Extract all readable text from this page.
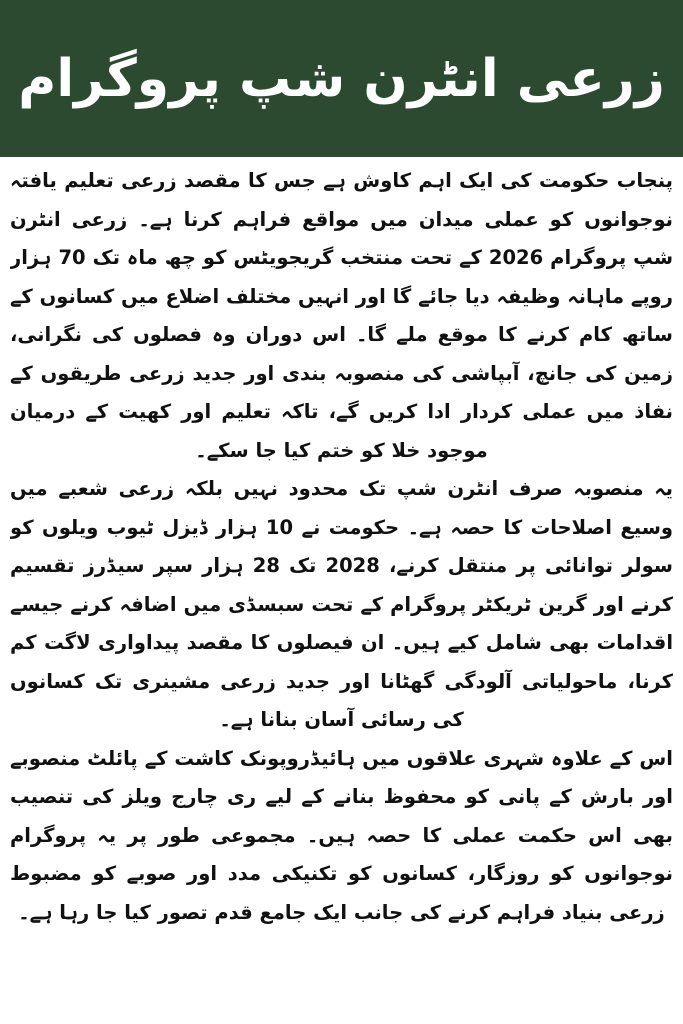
زرعی انٹرن شپ پروگرام

پنجاب حکومت کی ایک اہم کاوش ہے جس کا مقصد زرعی تعلیم یافتہ نوجوانوں کو عملی میدان میں مواقع فراہم کرنا ہے۔ زرعی انٹرن شپ پروگرام 2026 کے تحت منتخب گریجویٹس کو چھ ماہ تک 70 ہزار روپے ماہانہ وظیفہ دیا جائے گا اور انہیں مختلف اضلاع میں کسانوں کے ساتھ کام کرنے کا موقع ملے گا۔ اس دوران وہ فصلوں کی نگرانی، زمین کی جانچ، آبپاشی کی منصوبہ بندی اور جدید زرعی طریقوں کے نفاذ میں عملی کردار ادا کریں گے، تاکہ تعلیم اور کھیت کے درمیان موجود خلا کو ختم کیا جا سکے۔

یہ منصوبہ صرف انٹرن شپ تک محدود نہیں بلکہ زرعی شعبے میں وسیع اصلاحات کا حصہ ہے۔ حکومت نے 10 ہزار ڈیزل ٹیوب ویلوں کو سولر توانائی پر منتقل کرنے، 2028 تک 28 ہزار سپر سیڈرز تقسیم کرنے اور گرین ٹریکٹر پروگرام کے تحت سبسڈی میں اضافہ کرنے جیسے اقدامات بھی شامل کیے ہیں۔ ان فیصلوں کا مقصد پیداواری لاگت کم کرنا، ماحولیاتی آلودگی گھٹانا اور جدید زرعی مشینری تک کسانوں کی رسائی آسان بنانا ہے۔

اس کے علاوہ شہری علاقوں میں ہائیڈروپونک کاشت کے پائلٹ منصوبے اور بارش کے پانی کو محفوظ بنانے کے لیے ری چارج ویلز کی تنصیب بھی اس حکمت عملی کا حصہ ہیں۔ مجموعی طور پر یہ پروگرام نوجوانوں کو روزگار، کسانوں کو تکنیکی مدد اور صوبے کو مضبوط زرعی بنیاد فراہم کرنے کی جانب ایک جامع قدم تصور کیا جا رہا ہے۔
